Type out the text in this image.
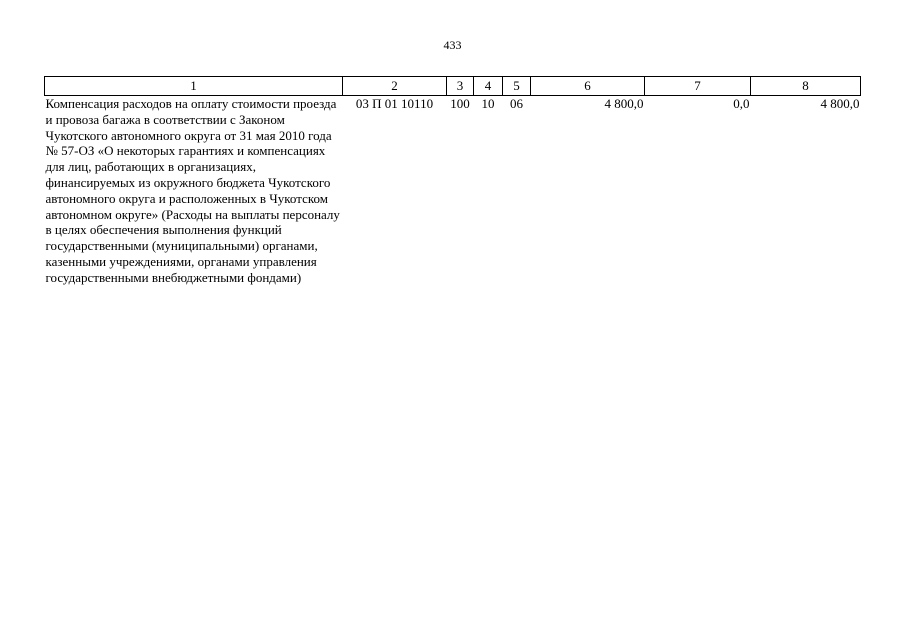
433
1	2	3	4	5	6	7	8
Компенсация расходов на оплату стоимости проезда и провоза багажа в соответствии с Законом Чукотского автономного округа от 31 мая 2010 года № 57-ОЗ «О некоторых гарантиях и компенсациях для лиц, работающих в организациях, финансируемых из окружного бюджета Чукотского автономного округа и расположенных в Чукотском автономном округе» (Расходы на выплаты персоналу в целях обеспечения выполнения функций государственными (муниципальными) органами, казенными учреждениями, органами управления государственными внебюджетными фондами)	03 П 01 10110	100	10	06	4 800,0	0,0	4 800,0
